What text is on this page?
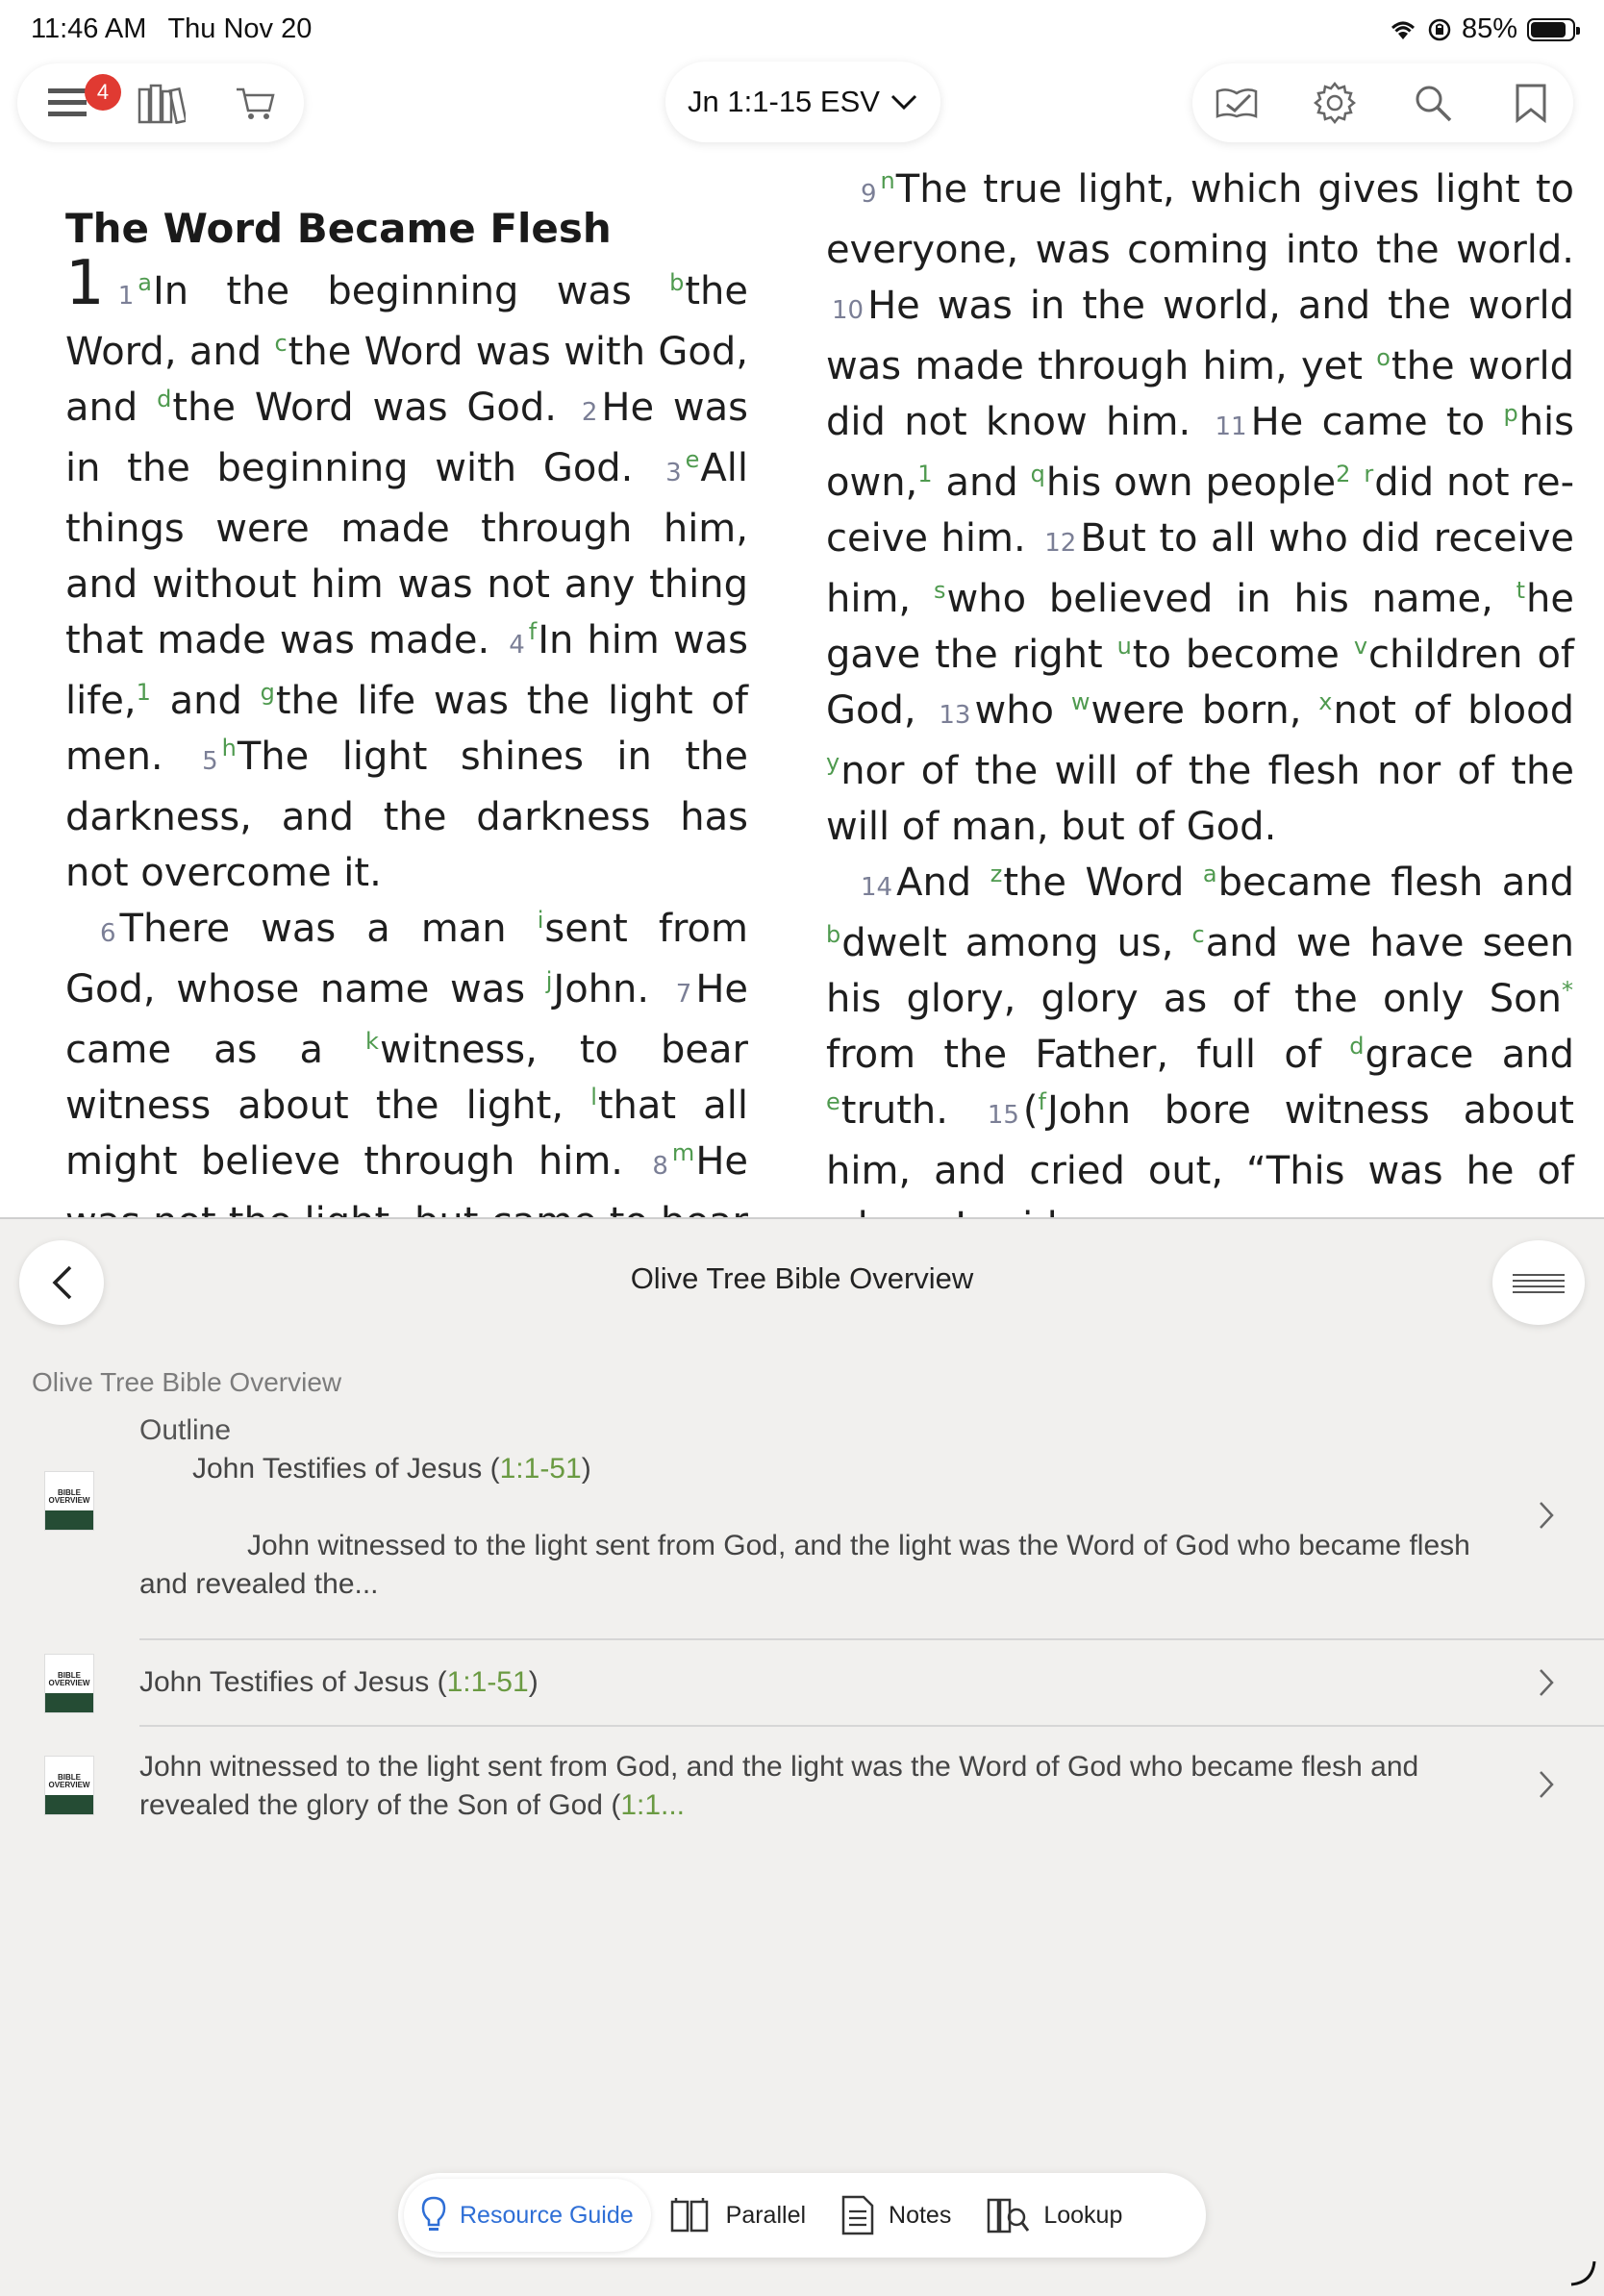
11:46 AM Thu Nov 20	85%
4	Jn 1:1-15 ESV
The Word Became Flesh
1 1 $^a$In the beginning was $^b$the Word, and $^c$the Word was with God, and $^d$the Word was God. 2 He was in the beginning with God. 3 $^e$All things were made through him, and without him was not any thing that made was made. 4 $^f$In him was life,$^1$ and $^g$the life was the light of men. 5 $^h$The light shines in the darkness, and the darkness has not overcome it.
6 There was a man $^i$sent from God, whose name was $^j$John. 7 He came as a $^k$witness, to bear witness about the light, $^l$that all might believe through him. 8 $^m$He
9 $^n$The true light, which gives light to everyone, was coming into the world. 10 He was in the world, and the world was made through him, yet $^o$the world did not know him. 11 He came to $^p$his own,$^1$ and $^q$his own people$^2$ $^r$did not receive him. 12 But to all who did receive him, $^s$who believed in his name, $^t$he gave the right $^u$to become $^v$children of God, 13 who $^w$were born, $^x$not of blood $^y$nor of the will of the flesh nor of the will of man, but of God.
14 And $^z$the Word $^a$became flesh and $^b$dwelt among us, $^c$and we have seen his glory, glory as of the only Son* from the Father, full of $^d$grace and $^e$truth. 15 ($^f$John bore witness about him, and cried out, “This was he of
Olive Tree Bible Overview
Olive Tree Bible Overview
BIBLE OVERVIEW
Outline
John Testifies of Jesus (1:1-51)
John witnessed to the light sent from God, and the light was the Word of God who became flesh
and revealed the...
BIBLE OVERVIEW John Testifies of Jesus (1:1-51)
BIBLE OVERVIEW
John witnessed to the light sent from God, and the light was the Word of God who became flesh and
revealed the glory of the Son of God (1:1...
Resource Guide	Parallel	Notes	Lookup
